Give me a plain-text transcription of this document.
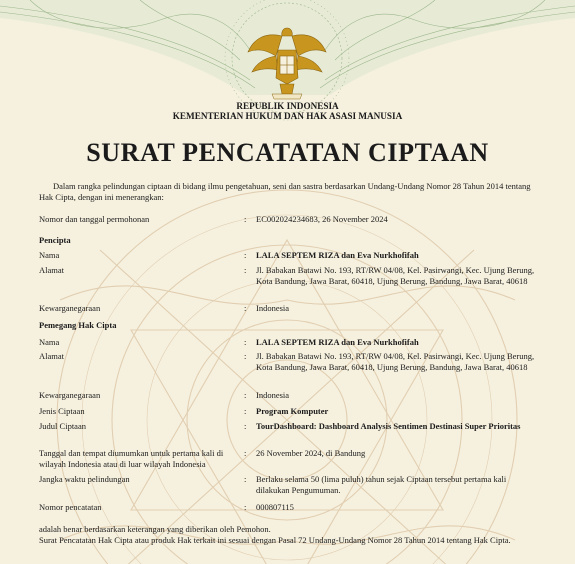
REPUBLIK INDONESIA
KEMENTERIAN HUKUM DAN HAK ASASI MANUSIA
SURAT PENCATATAN CIPTAAN
Dalam rangka pelindungan ciptaan di bidang ilmu pengetahuan, seni dan sastra berdasarkan Undang-Undang Nomor 28 Tahun 2014 tentang Hak Cipta, dengan ini menerangkan:
Nomor dan tanggal permohonan	: EC002024234683, 26 November 2024
Pencipta
Nama	: LALA SEPTEM RIZA dan Eva Nurkhofifah
Alamat	: Jl. Babakan Batawi No. 193, RT/RW 04/08, Kel. Pasirwangi, Kec. Ujung Berung, Kota Bandung, Jawa Barat, 60418, Ujung Berung, Bandung, Jawa Barat, 40618
Kewarganegaraan	: Indonesia
Pemegang Hak Cipta
Nama	: LALA SEPTEM RIZA dan Eva Nurkhofifah
Alamat	: Jl. Babakan Batawi No. 193, RT/RW 04/08, Kel. Pasirwangi, Kec. Ujung Berung, Kota Bandung, Jawa Barat, 60418, Ujung Berung, Bandung, Jawa Barat, 40618
Kewarganegaraan	: Indonesia
Jenis Ciptaan	: Program Komputer
Judul Ciptaan	: TourDashboard: Dashboard Analysis Sentimen Destinasi Super Prioritas
Tanggal dan tempat diumumkan untuk pertama kali di wilayah Indonesia atau di luar wilayah Indonesia
: 26 November 2024, di Bandung
Jangka waktu pelindungan	: Berlaku selama 50 (lima puluh) tahun sejak Ciptaan tersebut pertama kali dilakukan Pengumuman.
Nomor pencatatan	: 000807115
adalah benar berdasarkan keterangan yang diberikan oleh Pemohon.
Surat Pencatatan Hak Cipta atau produk Hak terkait ini sesuai dengan Pasal 72 Undang-Undang Nomor 28 Tahun 2014 tentang Hak Cipta.
